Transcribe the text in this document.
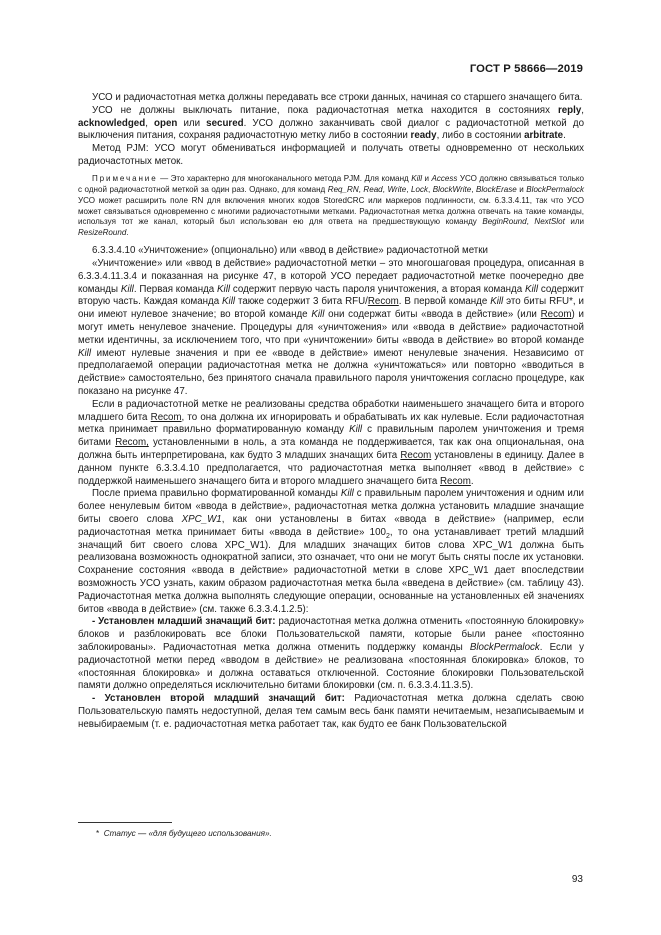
ГОСТ Р 58666—2019

УСО и радиочастотная метка должны передавать все строки данных, начиная со старшего значащего бита.

УСО не должны выключать питание, пока радиочастотная метка находится в состояниях reply, acknowledged, open или secured. УСО должно заканчивать свой диалог с радиочастотной меткой до выключения питания, сохраняя радиочастотную метку либо в состоянии ready, либо в состоянии arbitrate.

Метод PJM: УСО могут обмениваться информацией и получать ответы одновременно от нескольких радиочастотных меток.

Примечание — Это характерно для многоканального метода PJM. Для команд Kill и Access УСО должно связываться только с одной радиочастотной меткой за один раз. Однако, для команд Req_RN, Read, Write, Lock, BlockWrite, BlockErase и BlockPermalock УСО может расширить поле RN для включения многих кодов StoredCRC или маркеров подлинности, см. 6.3.3.4.11, так что УСО может связываться одновременно с многими радиочастотными метками. Радиочастотная метка должна отвечать на такие команды, используя тот же канал, который был использован ею для ответа на предшествующую команду BeginRound, NextSlot или ResizeRound.

6.3.3.4.10 «Уничтожение» (опционально) или «ввод в действие» радиочастотной метки

«Уничтожение» или «ввод в действие» радиочастотной метки – это многошаговая процедура, описанная в 6.3.3.4.11.3.4 и показанная на рисунке 47, в которой УСО передает радиочастотной метке поочередно две команды Kill. Первая команда Kill содержит первую часть пароля уничтожения, а вторая команда Kill содержит вторую часть. Каждая команда Kill также содержит 3 бита RFU/Recom. В первой команде Kill это биты RFU*, и они имеют нулевое значение; во второй команде Kill они содержат биты «ввода в действие» (или Recom) и могут иметь ненулевое значение. Процедуры для «уничтожения» или «ввода в действие» радиочастотной метки идентичны, за исключением того, что при «уничтожении» биты «ввода в действие» во второй команде Kill имеют нулевые значения и при ее «вводе в действие» имеют ненулевые значения. Независимо от предполагаемой операции радиочастотная метка не должна «уничтожаться» или повторно «вводиться в действие» самостоятельно, без принятого сначала правильного пароля уничтожения согласно процедуре, как показано на рисунке 47.

Если в радиочастотной метке не реализованы средства обработки наименьшего значащего бита и второго младшего бита Recom, то она должна их игнорировать и обрабатывать их как нулевые. Если радиочастотная метка принимает правильно форматированную команду Kill с правильным паролем уничтожения и тремя битами Recom, установленными в ноль, а эта команда не поддерживается, так как она опциональная, она должна быть интерпретирована, как будто 3 младших значащих бита Recom установлены в единицу. Далее в данном пункте 6.3.3.4.10 предполагается, что радиочастотная метка выполняет «ввод в действие» с поддержкой наименьшего значащего бита и второго младшего значащего бита Recom.

После приема правильно форматированной команды Kill с правильным паролем уничтожения и одним или более ненулевым битом «ввода в действие», радиочастотная метка должна установить младшие значащие биты своего слова XPC_W1, как они установлены в битах «ввода в действие» (например, если радиочастотная метка принимает биты «ввода в действие» $100_2$, то она устанавливает третий младший значащий бит своего слова XPC_W1). Для младших значащих битов слова XPC_W1 должна быть реализована возможность однократной записи, это означает, что они не могут быть сняты после их установки. Сохранение состояния «ввода в действие» радиочастотной метки в слове XPC_W1 дает впоследствии возможность УСО узнать, каким образом радиочастотная метка была «введена в действие» (см. таблицу 43). Радиочастотная метка должна выполнять следующие операции, основанные на установленных ей значениях битов «ввода в действие» (см. также 6.3.3.4.1.2.5):

- Установлен младший значащий бит: радиочастотная метка должна отменить «постоянную блокировку» блоков и разблокировать все блоки Пользовательской памяти, которые были ранее «постоянно заблокированы». Радиочастотная метка должна отменить поддержку команды BlockPermalock. Если у радиочастотной метки перед «вводом в действие» не реализована «постоянная блокировка» блоков, то «постоянная блокировка» и должна оставаться отключенной. Состояние блокировки Пользовательской памяти должно определяться исключительно битами блокировки (см. п. 6.3.3.4.11.3.5).

- Установлен второй младший значащий бит: Радиочастотная метка должна сделать свою Пользовательскую память недоступной, делая тем самым весь банк памяти нечитаемым, незаписываемым и невыбираемым (т. е. радиочастотная метка работает так, как будто ее банк Пользовательской

* Статус — «для будущего использования».
93
